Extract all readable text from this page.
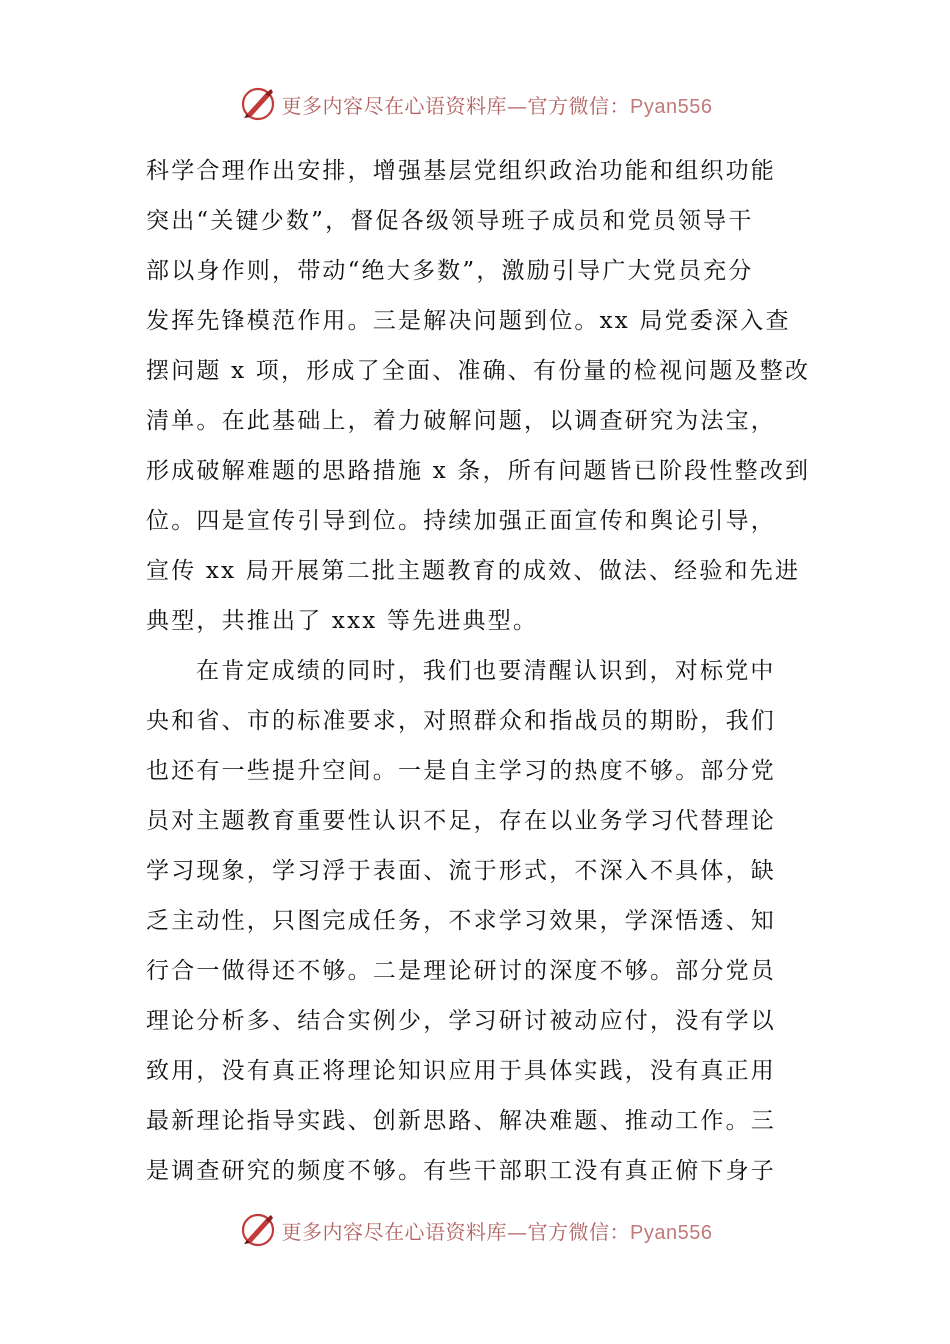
更多内容尽在心语资料库—官方微信：Pyan556
科学合理作出安排，增强基层党组织政治功能和组织功能
突出“关键少数”，督促各级领导班子成员和党员领导干
部以身作则，带动“绝大多数”，激励引导广大党员充分
发挥先锋模范作用。三是解决问题到位。xx 局党委深入查
摆问题 x 项，形成了全面、准确、有份量的检视问题及整改
清单。在此基础上，着力破解问题，以调查研究为法宝，
形成破解难题的思路措施 x 条，所有问题皆已阶段性整改到
位。四是宣传引导到位。持续加强正面宣传和舆论引导，
宣传 xx 局开展第二批主题教育的成效、做法、经验和先进
典型，共推出了 xxx 等先进典型。
在肯定成绩的同时，我们也要清醒认识到，对标党中
央和省、市的标准要求，对照群众和指战员的期盼，我们
也还有一些提升空间。一是自主学习的热度不够。部分党
员对主题教育重要性认识不足，存在以业务学习代替理论
学习现象，学习浮于表面、流于形式，不深入不具体，缺
乏主动性，只图完成任务，不求学习效果，学深悟透、知
行合一做得还不够。二是理论研讨的深度不够。部分党员
理论分析多、结合实例少，学习研讨被动应付，没有学以
致用，没有真正将理论知识应用于具体实践，没有真正用
最新理论指导实践、创新思路、解决难题、推动工作。三
是调查研究的频度不够。有些干部职工没有真正俯下身子
更多内容尽在心语资料库—官方微信：Pyan556
